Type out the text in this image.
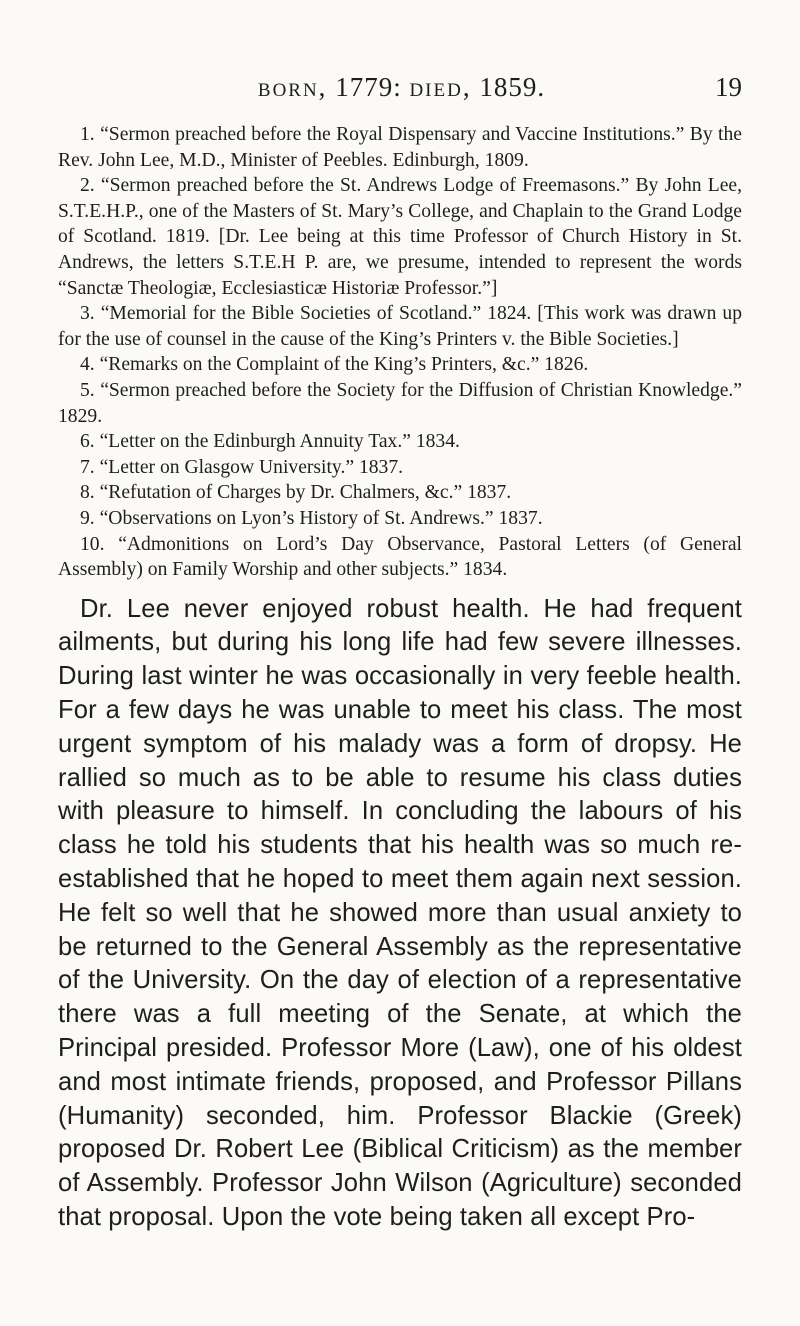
born, 1779: died, 1859.	19
1. “Sermon preached before the Royal Dispensary and Vaccine Institutions.” By the Rev. John Lee, M.D., Minister of Peebles. Edinburgh, 1809.
2. “Sermon preached before the St. Andrews Lodge of Freemasons.” By John Lee, S.T.E.H.P., one of the Masters of St. Mary’s College, and Chaplain to the Grand Lodge of Scotland. 1819. [Dr. Lee being at this time Professor of Church History in St. Andrews, the letters S.T.E.H P. are, we presume, intended to represent the words “Sanctæ Theologiæ, Ecclesiasticæ Historiæ Professor.”]
3. “Memorial for the Bible Societies of Scotland.” 1824. [This work was drawn up for the use of counsel in the cause of the King’s Printers v. the Bible Societies.]
4. “Remarks on the Complaint of the King’s Printers, &c.” 1826.
5. “Sermon preached before the Society for the Diffusion of Christian Knowledge.” 1829.
6. “Letter on the Edinburgh Annuity Tax.” 1834.
7. “Letter on Glasgow University.” 1837.
8. “Refutation of Charges by Dr. Chalmers, &c.” 1837.
9. “Observations on Lyon’s History of St. Andrews.” 1837.
10. “Admonitions on Lord’s Day Observance, Pastoral Letters (of General Assembly) on Family Worship and other subjects.” 1834.

Dr. Lee never enjoyed robust health. He had frequent ailments, but during his long life had few severe illnesses. During last winter he was occasionally in very feeble health. For a few days he was unable to meet his class. The most urgent symptom of his malady was a form of dropsy. He rallied so much as to be able to resume his class duties with pleasure to himself. In concluding the labours of his class he told his students that his health was so much re-established that he hoped to meet them again next session. He felt so well that he showed more than usual anxiety to be returned to the General Assembly as the representative of the University. On the day of election of a representative there was a full meeting of the Senate, at which the Principal presided. Professor More (Law), one of his oldest and most intimate friends, proposed, and Professor Pillans (Humanity) seconded, him. Professor Blackie (Greek) proposed Dr. Robert Lee (Biblical Criticism) as the member of Assembly. Professor John Wilson (Agriculture) seconded that proposal. Upon the vote being taken all except Pro-
